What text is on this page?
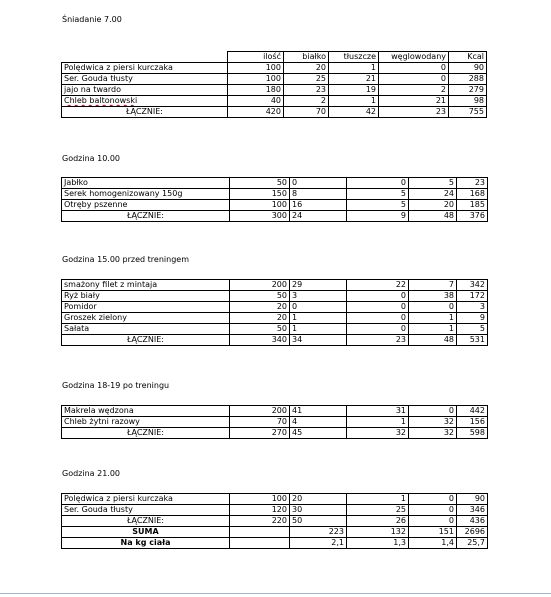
Śniadanie 7.00
	ilość	białko	tłuszcze	węglowodany	Kcal
Polędwica z piersi kurczaka	100	20	1	0	90
Ser. Gouda tłusty	100	25	21	0	288
jajo na twardo	180	23	19	2	279
Chleb baltonowski	40	2	1	21	98
ŁĄCZNIE:	420	70	42	23	755
Godzina 10.00
Jabłko	50	0	0	5	23
Serek homogenizowany 150g	150	8	5	24	168
Otręby pszenne	100	16	5	20	185
ŁĄCZNIE:	300	24	9	48	376
Godzina 15.00 przed treningem
smażony filet z mintaja	200	29	22	7	342
Ryż biały	50	3	0	38	172
Pomidor	20	0	0	0	3
Groszek zielony	20	1	0	1	9
Sałata	50	1	0	1	5
ŁĄCZNIE:	340	34	23	48	531
Godzina 18-19 po treningu
Makrela wędzona	200	41	31	0	442
Chleb żytni razowy	70	4	1	32	156
ŁĄCZNIE:	270	45	32	32	598
Godzina 21.00
Polędwica z piersi kurczaka	100	20	1	0	90
Ser. Gouda tłusty	120	30	25	0	346
ŁĄCZNIE:	220	50	26	0	436
SUMA		223	132	151	2696
Na kg ciała		2,1	1,3	1,4	25,7
